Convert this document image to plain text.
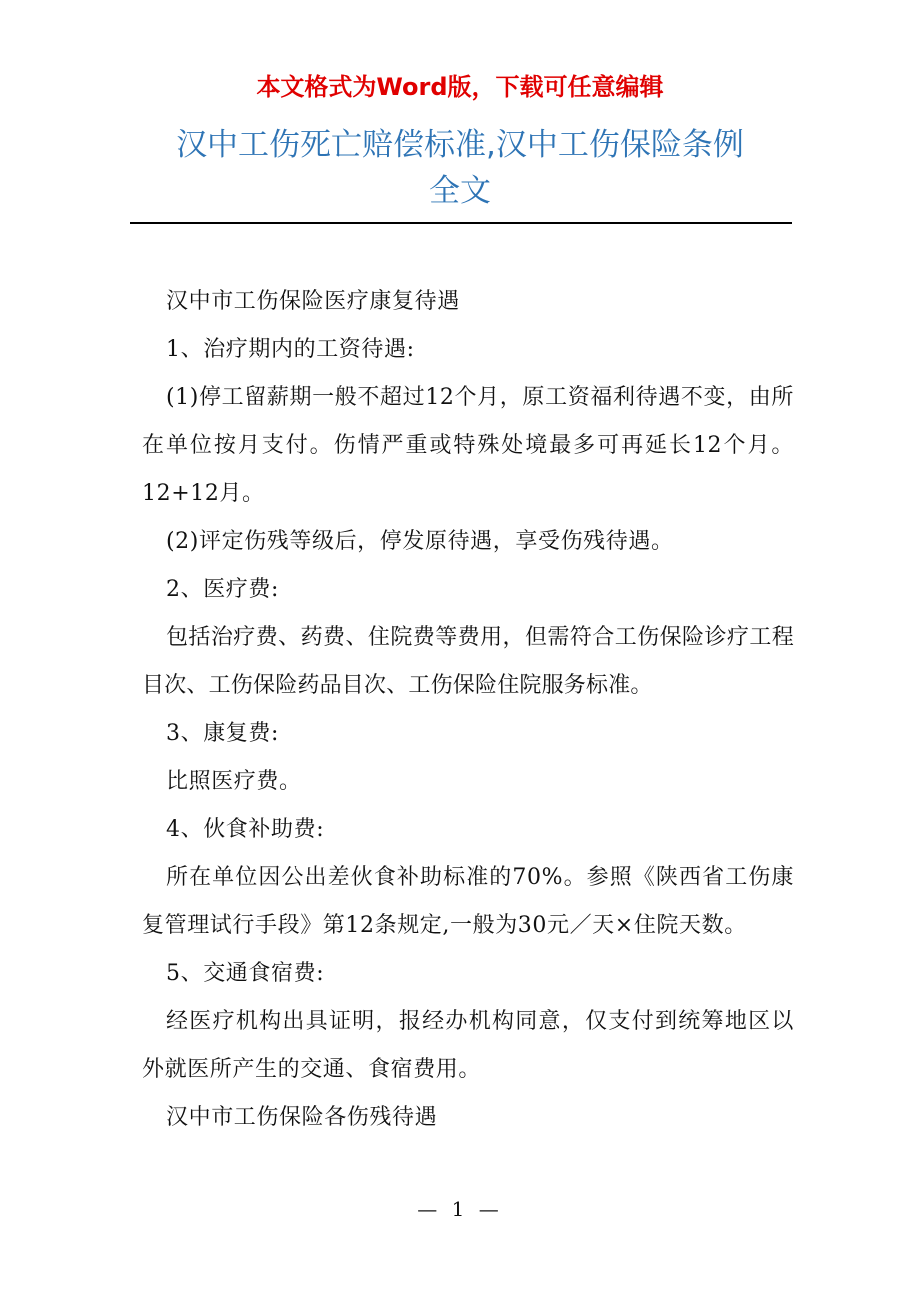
本文格式为Word版，下载可任意编辑
汉中工伤死亡赔偿标准,汉中工伤保险条例
全文

汉中市工伤保险医疗康复待遇

1、治疗期内的工资待遇:

(1)停工留薪期一般不超过12个月，原工资福利待遇不变，由所在单位按月支付。伤情严重或特殊处境最多可再延长12个月。12+12月。

(2)评定伤残等级后，停发原待遇，享受伤残待遇。

2、医疗费:

包括治疗费、药费、住院费等费用，但需符合工伤保险诊疗工程目次、工伤保险药品目次、工伤保险住院服务标准。

3、康复费:

比照医疗费。

4、伙食补助费:

所在单位因公出差伙食补助标准的70%。参照《陕西省工伤康复管理试行手段》第12条规定,一般为30元／天×住院天数。

5、交通食宿费:

经医疗机构出具证明，报经办机构同意，仅支付到统筹地区以外就医所产生的交通、食宿费用。

汉中市工伤保险各伤残待遇

— 1 —
